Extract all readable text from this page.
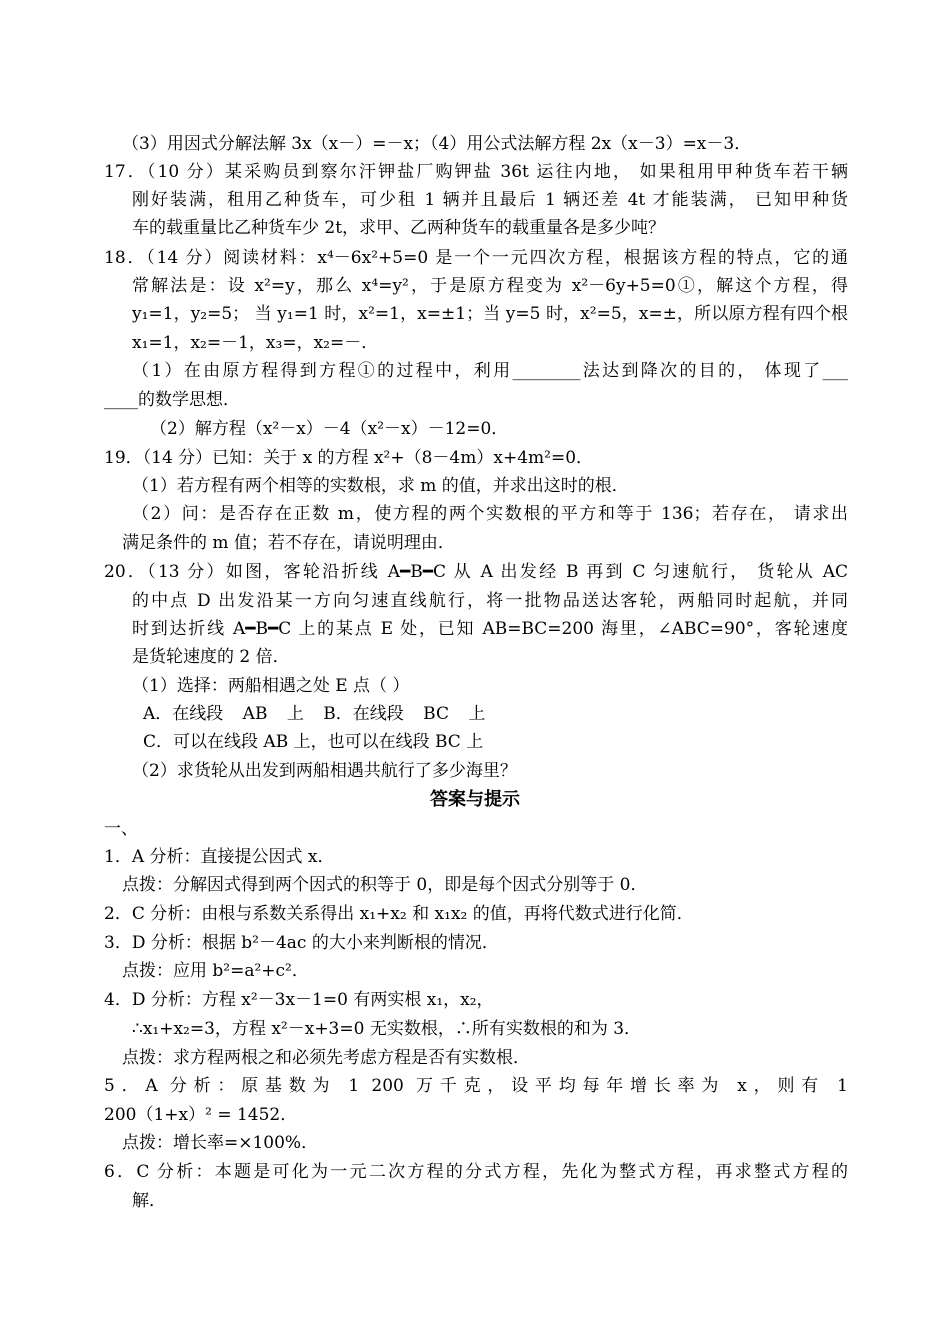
（3）用因式分解法解 3x（x－）=－x；（4）用公式法解方程 2x（x－3）=x－3．
17．（10 分）某采购员到察尔汗钾盐厂购钾盐 36t 运往内地， 如果租用甲种货车若干辆
刚好装满，租用乙种货车，可少租 1 辆并且最后 1 辆还差 4t 才能装满， 已知甲种货
车的载重量比乙种货车少 2t，求甲、乙两种货车的载重量各是多少吨？
18．（14 分）阅读材料：x⁴－6x²+5=0 是一个一元四次方程，根据该方程的特点，它的通
常解法是：设 x²=y，那么 x⁴=y²，于是原方程变为 x²－6y+5=0①，解这个方程，得
y₁=1，y₂=5； 当 y₁=1 时，x²=1，x=±1；当 y=5 时，x²=5，x=±，所以原方程有四个根
x₁=1，x₂=－1，x₃=，x₂=－．
（1）在由原方程得到方程①的过程中，利用________法达到降次的目的， 体现了___
____的数学思想．
（2）解方程（x²－x）－4（x²－x）－12=0．
19．（14 分）已知：关于 x 的方程 x²+（8－4m）x+4m²=0．
（1）若方程有两个相等的实数根，求 m 的值，并求出这时的根．
（2）问：是否存在正数 m，使方程的两个实数根的平方和等于 136；若存在， 请求出
满足条件的 m 值；若不存在，请说明理由．
20．（13 分）如图，客轮沿折线 A━B━C 从 A 出发经 B 再到 C 匀速航行， 货轮从 AC
的中点 D 出发沿某一方向匀速直线航行，将一批物品送达客轮，两船同时起航，并同
时到达折线 A━B━C 上的某点 E 处，已知 AB=BC=200 海里，∠ABC=90°，客轮速度
是货轮速度的 2 倍．
（1）选择：两船相遇之处 E 点（ ）
A．在线段 AB 上 B．在线段 BC 上
C．可以在线段 AB 上，也可以在线段 BC 上
（2）求货轮从出发到两船相遇共航行了多少海里？
答案与提示
一、
1．A 分析：直接提公因式 x．
点拨：分解因式得到两个因式的积等于 0，即是每个因式分别等于 0．
2．C 分析：由根与系数关系得出 x₁+x₂ 和 x₁x₂ 的值，再将代数式进行化简．
3．D 分析：根据 b²－4ac 的大小来判断根的情况．
点拨：应用 b²=a²+c²．
4．D 分析：方程 x²－3x－1=0 有两实根 x₁，x₂，
∴x₁+x₂=3，方程 x²－x+3=0 无实数根，∴所有实数根的和为 3．
点拨：求方程两根之和必须先考虑方程是否有实数根．
5．A 分析：原基数为 1 200 万千克，设平均每年增长率为 x，则有 1
200（1+x）² = 1452．
点拨：增长率=×100%．
6．C 分析：本题是可化为一元二次方程的分式方程，先化为整式方程，再求整式方程的
解．
